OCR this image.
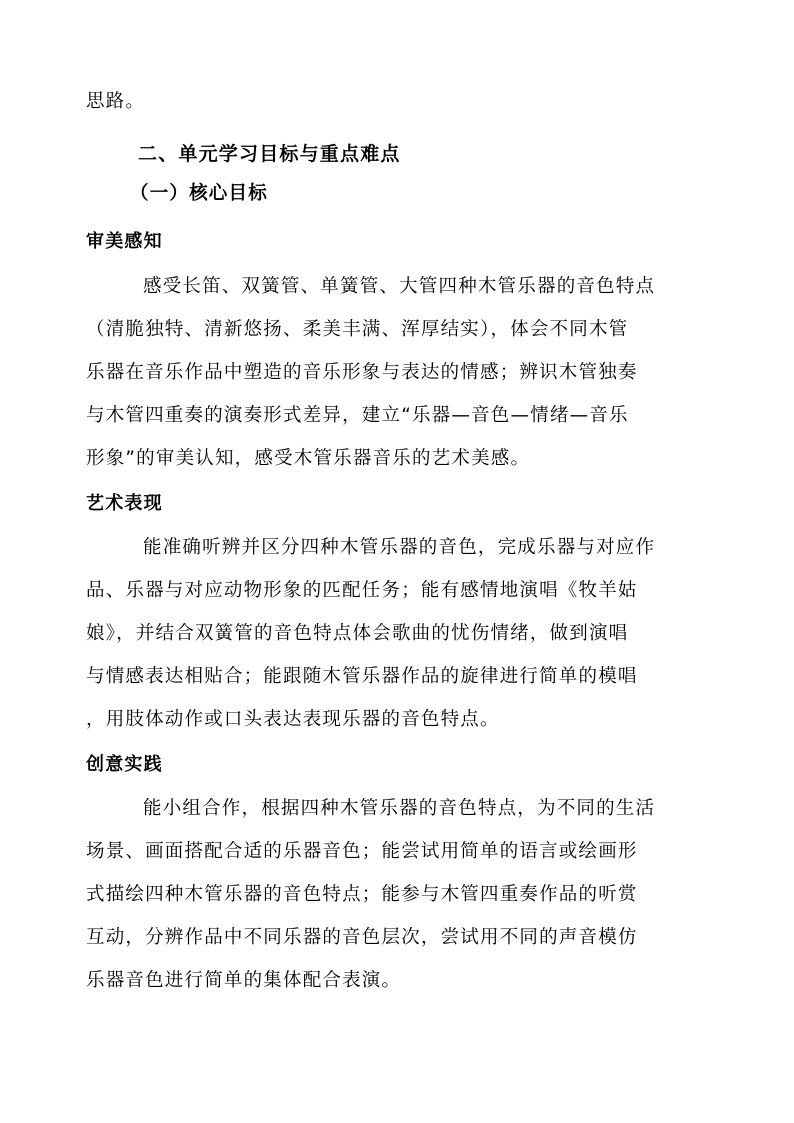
思路。
二、单元学习目标与重点难点
（一）核心目标
审美感知
感受长笛、双簧管、单簧管、大管四种木管乐器的音色特点
（清脆独特、清新悠扬、柔美丰满、浑厚结实），体会不同木管
乐器在音乐作品中塑造的音乐形象与表达的情感；辨识木管独奏
与木管四重奏的演奏形式差异，建立“乐器—音色—情绪—音乐
形象”的审美认知，感受木管乐器音乐的艺术美感。
艺术表现
能准确听辨并区分四种木管乐器的音色，完成乐器与对应作
品、乐器与对应动物形象的匹配任务；能有感情地演唱《牧羊姑
娘》，并结合双簧管的音色特点体会歌曲的忧伤情绪，做到演唱
与情感表达相贴合；能跟随木管乐器作品的旋律进行简单的模唱
，用肢体动作或口头表达表现乐器的音色特点。
创意实践
能小组合作，根据四种木管乐器的音色特点，为不同的生活
场景、画面搭配合适的乐器音色；能尝试用简单的语言或绘画形
式描绘四种木管乐器的音色特点；能参与木管四重奏作品的听赏
互动，分辨作品中不同乐器的音色层次，尝试用不同的声音模仿
乐器音色进行简单的集体配合表演。
